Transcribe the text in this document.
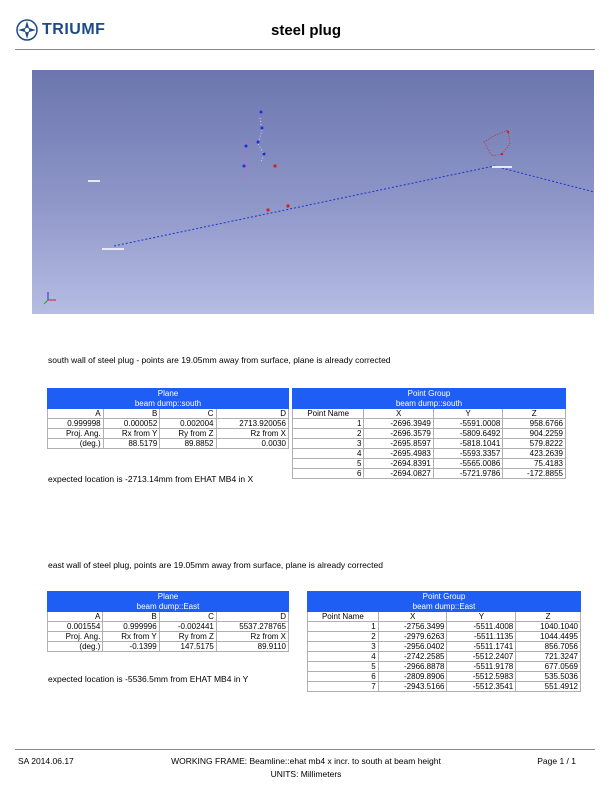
TRIUMF	steel plug
south wall of steel plug - points are 19.05mm away from surface, plane is already corrected
Plane			
beam dump::south			
A	B	C	D
0.999998	0.000052	0.002004	2713.920056
Proj. Ang.	Rx from Y	Ry from Z	Rz from X
(deg.)	88.5179	89.8852	0.0030
expected location is -2713.14mm from EHAT MB4 in X
Point Group			
beam dump::south			
Point Name	X	Y	Z
1	-2696.3949	-5591.0008	958.6766
2	-2696.3579	-5809.6492	904.2259
3	-2695.8597	-5818.1041	579.8222
4	-2695.4983	-5593.3357	423.2639
5	-2694.8391	-5565.0086	75.4183
6	-2694.0827	-5721.9786	-172.8855
east wall of steel plug, points are 19.05mm away from surface, plane is already corrected
Plane			
beam dump::East			
A	B	C	D
0.001554	0.999996	-0.002441	5537.278765
Proj. Ang.	Rx from Y	Ry from Z	Rz from X
(deg.)	-0.1399	147.5175	89.9110
expected location is -5536.5mm from EHAT MB4 in Y
Point Group			
beam dump::East			
Point Name	X	Y	Z
1	-2756.3499	-5511.4008	1040.1040
2	-2979.6263	-5511.1135	1044.4495
3	-2956.0402	-5511.1741	856.7056
4	-2742.2585	-5512.2407	721.3247
5	-2966.8878	-5511.9178	677.0569
6	-2809.8906	-5512.5983	535.5036
7	-2943.5166	-5512.3541	551.4912
SA 2014.06.17	WORKING FRAME: Beamline::ehat mb4 x incr. to south at beam height
UNITS: Millimeters
Page 1 / 1
